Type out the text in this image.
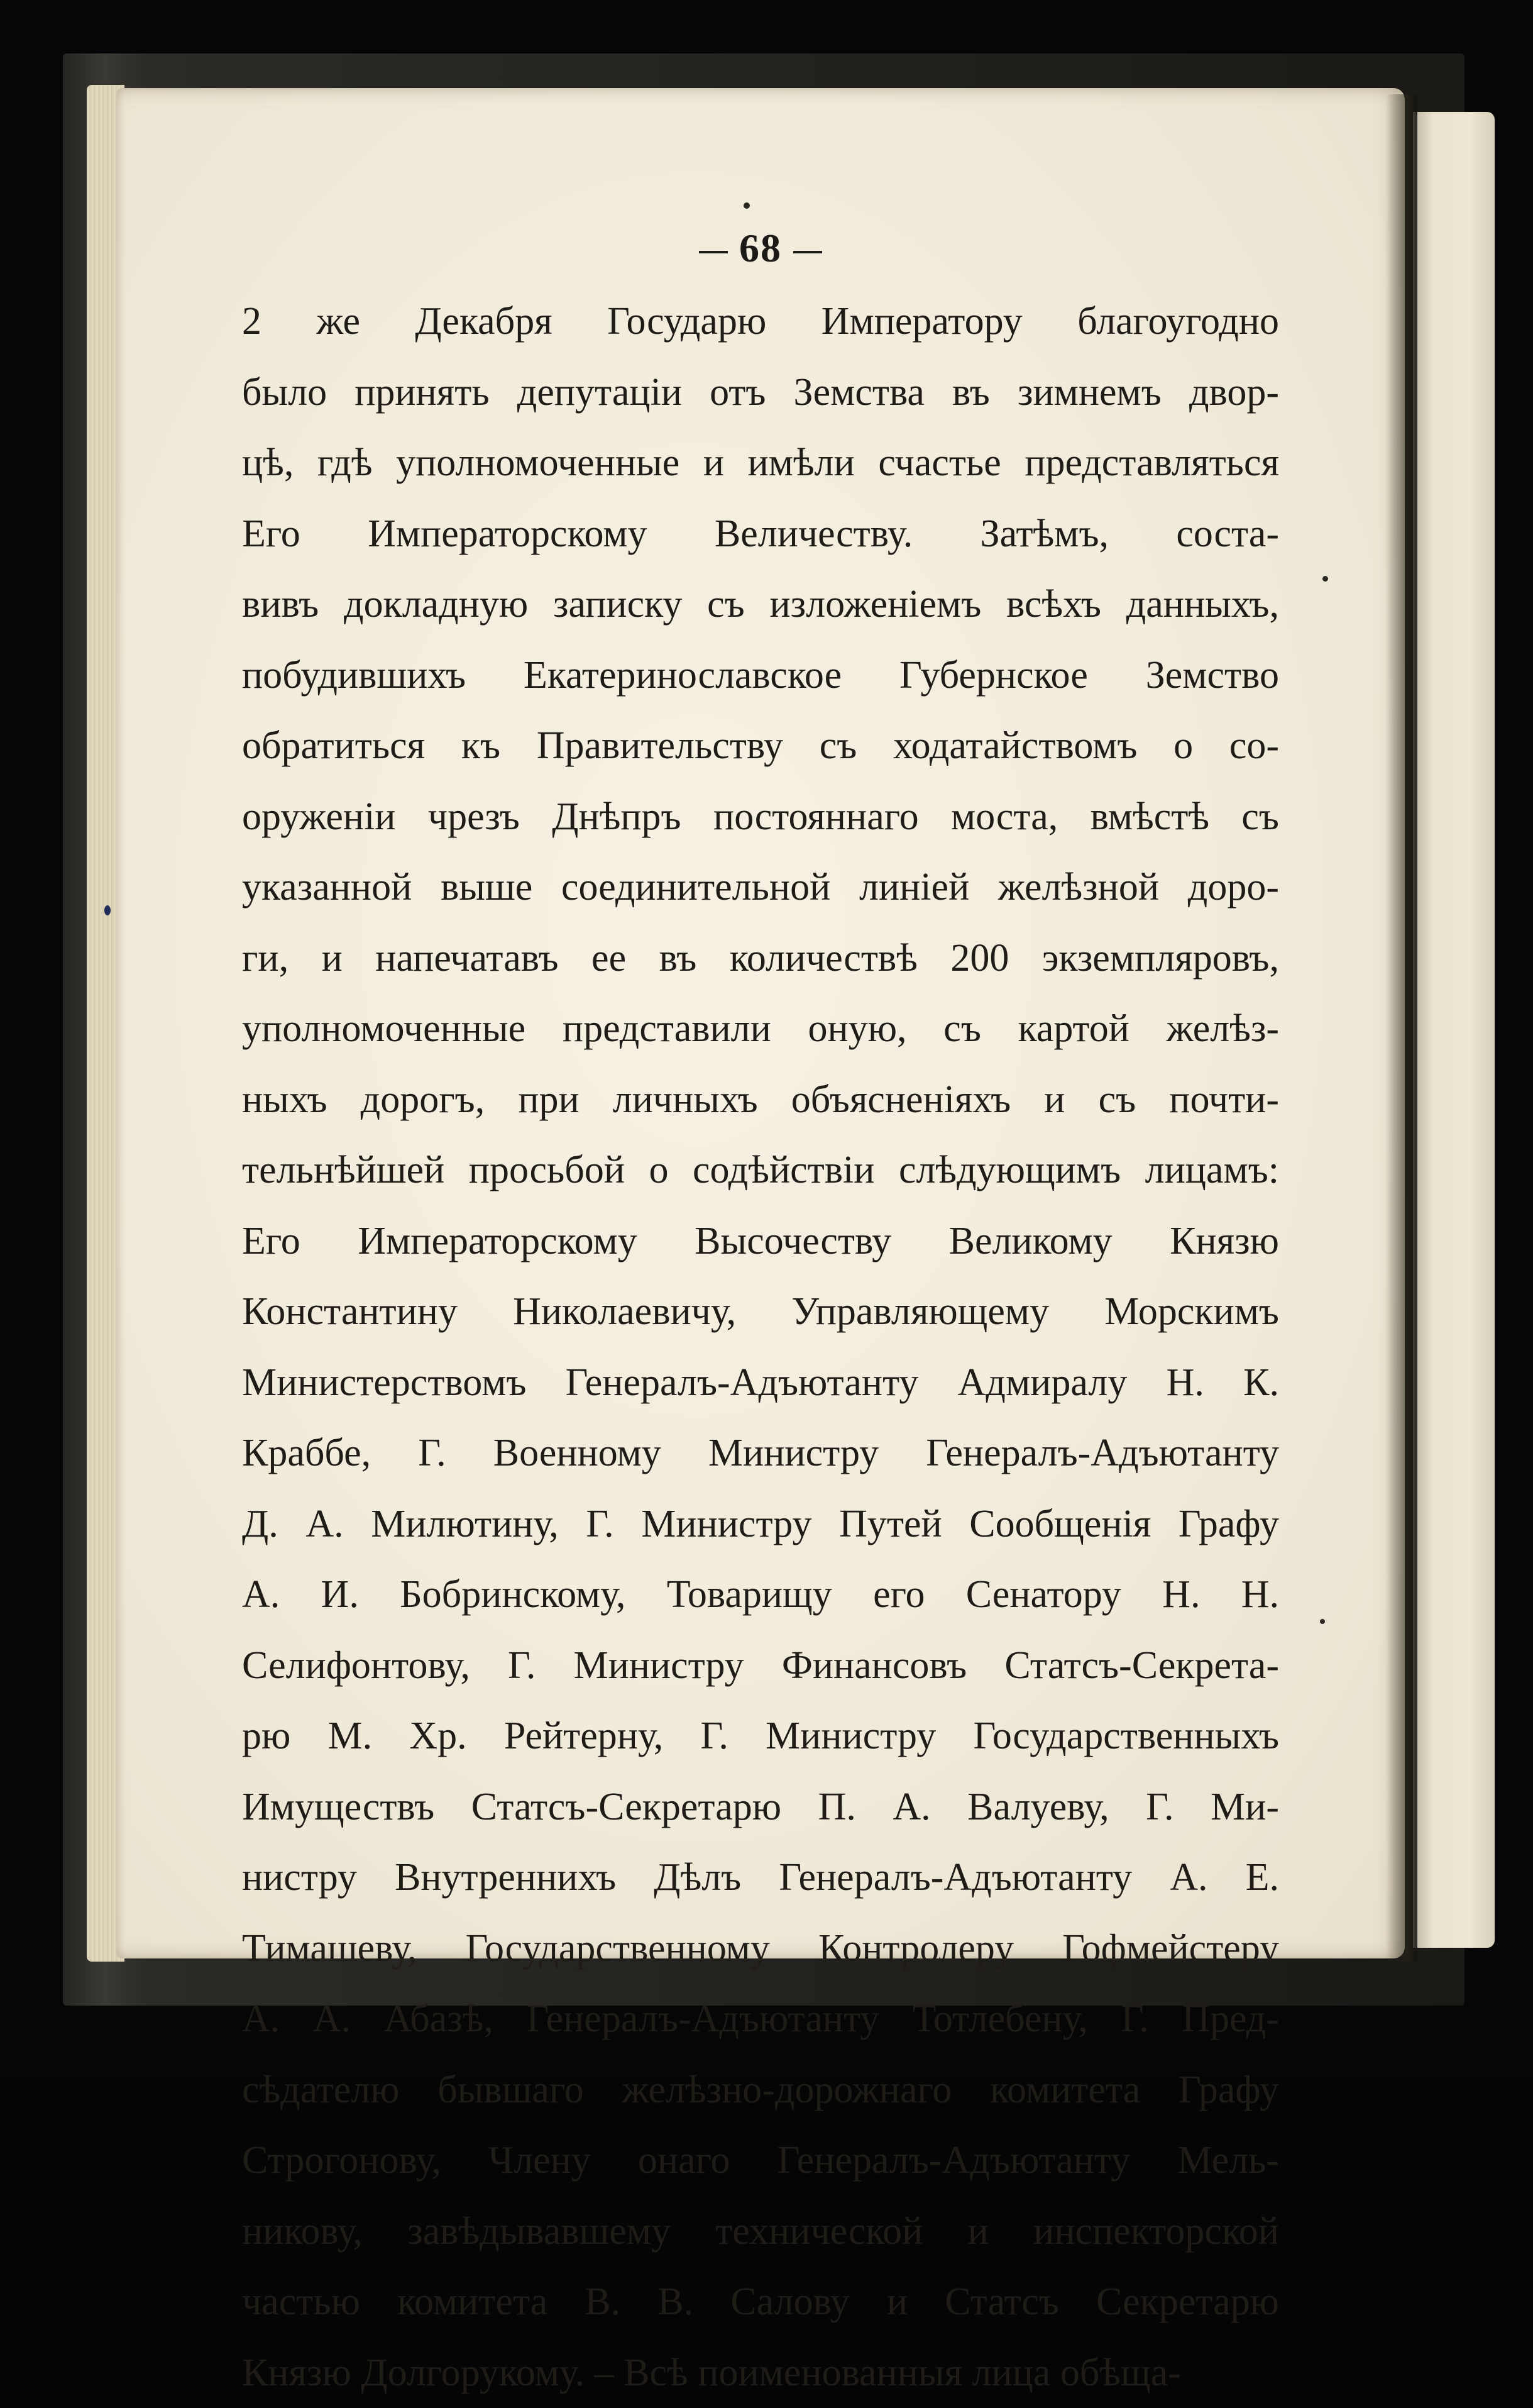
68
2 же Декабря Государю Императору благоугодно
было принять депутацiи отъ Земства въ зимнемъ двор-
цѣ, гдѣ уполномоченные и имѣли счастье представляться
Его Императорскому Величеству. Затѣмъ, соста-
вивъ докладную записку съ изложенiемъ всѣхъ данныхъ,
побудившихъ Екатеринославское Губернское Земство
обратиться къ Правительству съ ходатайствомъ о со-
оруженiи чрезъ Днѣпръ постояннаго моста, вмѣстѣ съ
указанной выше соединительной линiей желѣзной доро-
ги, и напечатавъ ее въ количествѣ 200 экземпляровъ,
уполномоченные представили оную, съ картой желѣз-
ныхъ дорогъ, при личныхъ объясненiяхъ и съ почти-
тельнѣйшей просьбой о содѣйствiи слѣдующимъ лицамъ:
Его Императорскому Высочеству Великому Князю
Константину Николаевичу, Управляющему Морскимъ
Министерствомъ Генералъ-Адъютанту Адмиралу Н. К.
Краббе, Г. Военному Министру Генералъ-Адъютанту
Д. А. Милютину, Г. Министру Путей Сообщенiя Графу
А. И. Бобринскому, Товарищу его Сенатору Н. Н.
Селифонтову, Г. Министру Финансовъ Статсъ-Секрета-
рю М. Хр. Рейтерну, Г. Министру Государственныхъ
Имуществъ Статсъ-Секретарю П. А. Валуеву, Г. Ми-
нистру Внутреннихъ Дѣлъ Генералъ-Адъютанту А. Е.
Тимашеву, Государственному Контролеру Гофмейстеру
А. А. Абазѣ, Генералъ-Адъютанту Тотлебену, Г. Пред-
сѣдателю бывшаго желѣзно-дорожнаго комитета Графу
Строгонову, Члену онаго Генералъ-Адъютанту Мель-
никову, завѣдывавшему технической и инспекторской
частью комитета В. В. Салову и Статсъ Секретарю
Князю Долгорукому. – Всѣ поименованныя лица обѣща-
